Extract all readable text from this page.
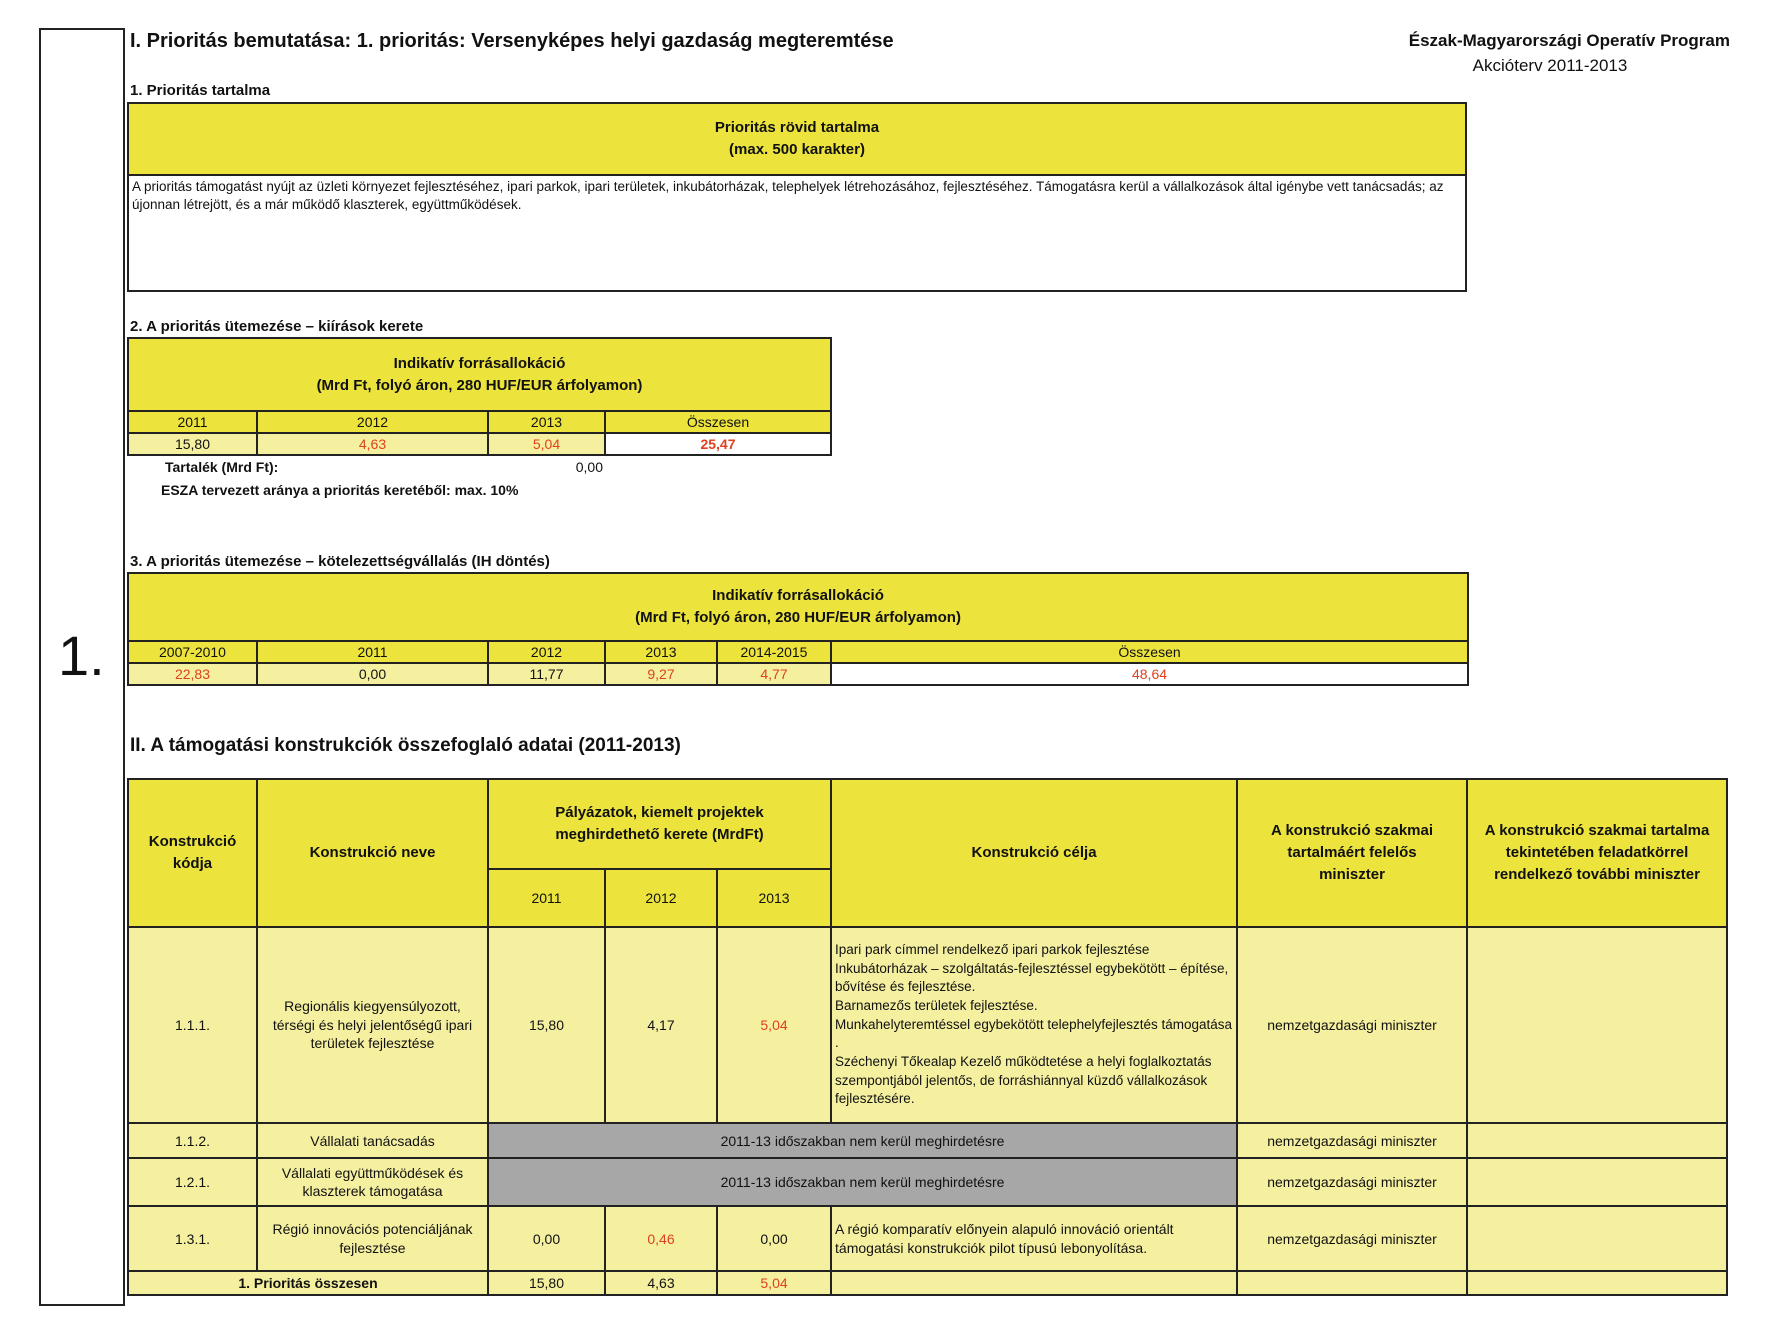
1.
I. Prioritás bemutatása: 1. prioritás: Versenyképes helyi gazdaság megteremtése	Észak-Magyarországi Operatív Program
Akcióterv 2011-2013
1. Prioritás tartalma
Prioritás rövid tartalma
(max. 500 karakter)

A prioritás támogatást nyújt az üzleti környezet fejlesztéséhez, ipari parkok, ipari területek, inkubátorházak, telephelyek létrehozásához, fejlesztéséhez. Támogatásra kerül a vállalkozások által igénybe vett tanácsadás; az újonnan létrejött, és a már működő klaszterek, együttműködések.
2. A prioritás ütemezése – kiírások kerete
Indikatív forrásallokáció
(Mrd Ft, folyó áron, 280 HUF/EUR árfolyamon)			

2011	2012	2013	Összesen
15,80	4,63	5,04	25,47
Tartalék (Mrd Ft):	0,00
ESZA tervezett aránya a prioritás keretéből: max. 10%
3. A prioritás ütemezése – kötelezettségvállalás (IH döntés)
Indikatív forrásallokáció
(Mrd Ft, folyó áron, 280 HUF/EUR árfolyamon)					

2007-2010	2011	2012	2013	2014-2015	Összesen
22,83	0,00	11,77	9,27	4,77	48,64
II. A támogatási konstrukciók összefoglaló adatai (2011-2013)
Konstrukció kódja	Konstrukció neve	Pályázatok, kiemelt projektek meghirdethető kerete (MrdFt)			Konstrukció célja	A konstrukció szakmai tartalmáért felelős miniszter	A konstrukció szakmai tartalma tekintetében feladatkörrel rendelkező további miniszter
		2011	2012	2013			
1.1.1.	Regionális kiegyensúlyozott, térségi és helyi jelentőségű ipari területek fejlesztése	15,80	4,17	5,04	Ipari park címmel rendelkező ipari parkok fejlesztése
Inkubátorházak – szolgáltatás-fejlesztéssel egybekötött – építése, bővítése és fejlesztése.
Barnamezős területek fejlesztése.
Munkahelyteremtéssel egybekötött telephelyfejlesztés támogatása .
Széchenyi Tőkealap Kezelő működtetése a helyi foglalkoztatás szempontjából jelentős, de forráshiánnyal küzdő vállalkozások fejlesztésére.	nemzetgazdasági miniszter	
1.1.2.	Vállalati tanácsadás	2011-13 időszakban nem kerül meghirdetésre				nemzetgazdasági miniszter	
1.2.1.	Vállalati együttműködések és klaszterek támogatása	2011-13 időszakban nem kerül meghirdetésre				nemzetgazdasági miniszter	
1.3.1.	Régió innovációs potenciáljának fejlesztése	0,00	0,46	0,00	A régió komparatív előnyein alapuló innováció orientált támogatási konstrukciók pilot típusú lebonyolítása.	nemzetgazdasági miniszter	
1. Prioritás összesen		15,80	4,63	5,04			
